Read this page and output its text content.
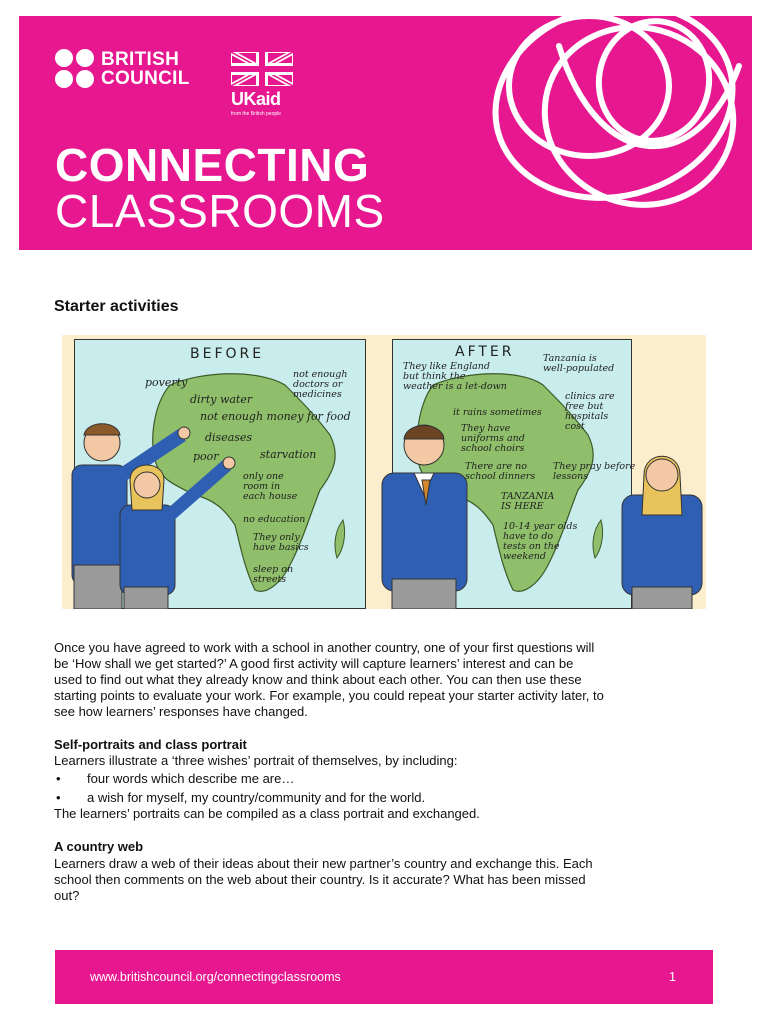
BRITISH
COUNCIL
UKaid
from the British people
CONNECTING
CLASSROOMS
Starter activities
BEFORE
poverty
dirty water
not enough
doctors or
medicines
not enough money for food
diseases
poor	starvation
only one
room in
each house
no education
They only
have basics
sleep on
streets
AFTER
They like England
but think the
weather is a let-down
Tanzania is
well-populated
clinics are
free but
hospitals
cost
it rains sometimes
They have
uniforms and
school choirs
There are no
school dinners
They pray before
lessons
TANZANIA
IS HERE
10-14 year olds
have to do
tests on the
weekend
Once you have agreed to work with a school in another country, one of your first questions will
be ‘How shall we get started?’ A good first activity will capture learners’ interest and can be
used to find out what they already know and think about each other. You can then use these
starting points to evaluate your work. For example, you could repeat your starter activity later, to
see how learners’ responses have changed.
Self-portraits and class portrait
Learners illustrate a ‘three wishes’ portrait of themselves, by including:
• four words which describe me are…
• a wish for myself, my country/community and for the world.
The learners’ portraits can be compiled as a class portrait and exchanged.
A country web
Learners draw a web of their ideas about their new partner’s country and exchange this. Each
school then comments on the web about their country. Is it accurate? What has been missed
out?
www.britishcouncil.org/connectingclassrooms	1
